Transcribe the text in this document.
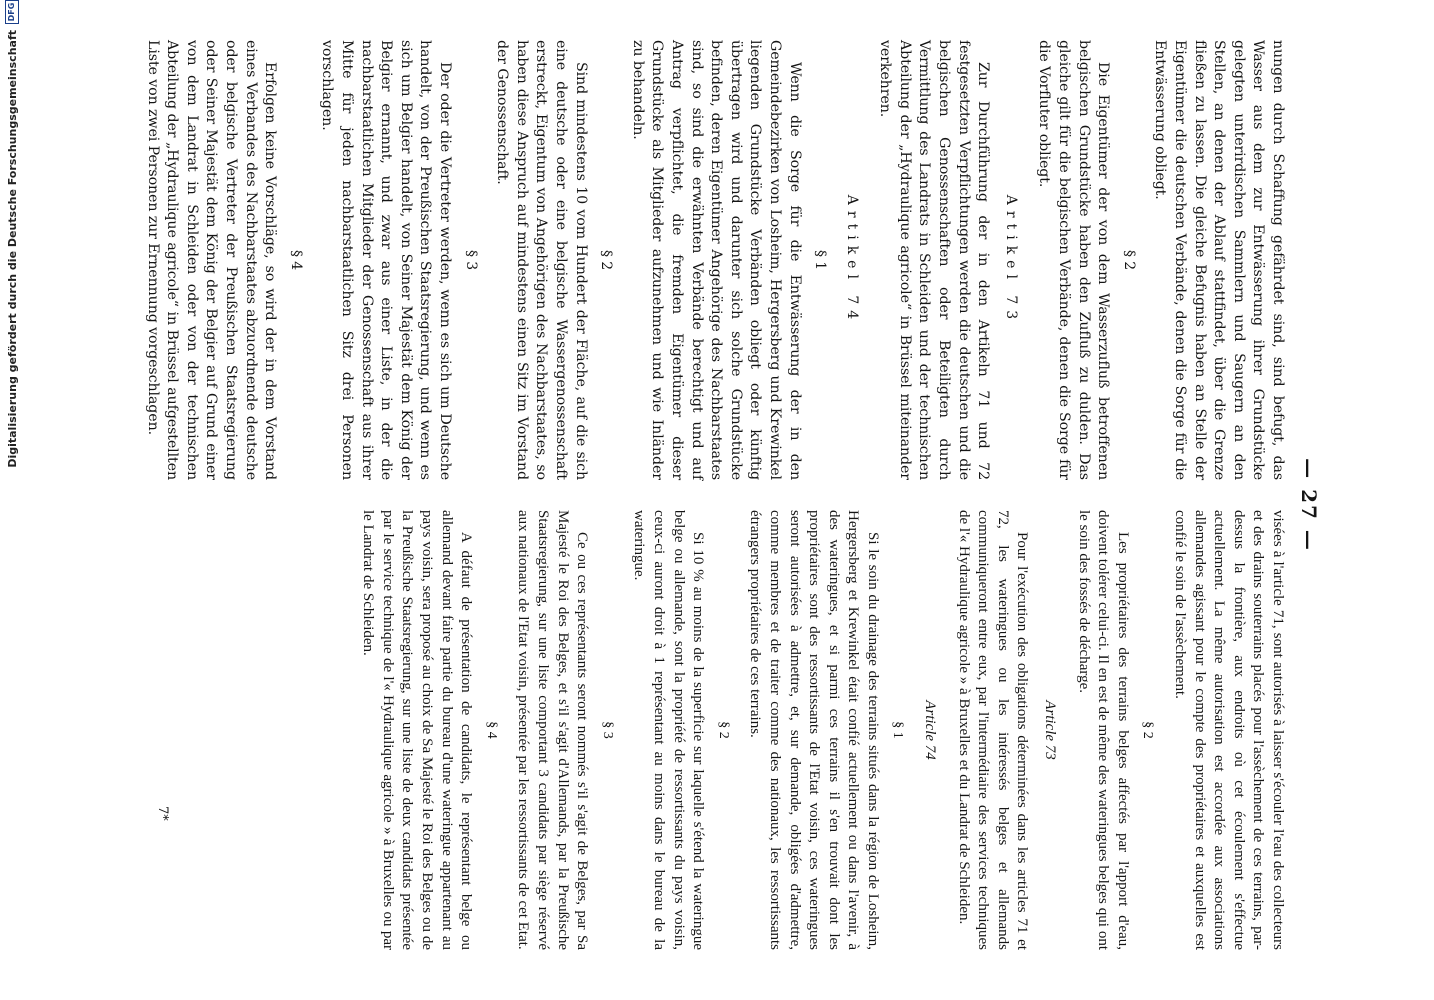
— 27 —

nungen durch Schaffung gefährdet sind, sind befugt, das Wasser aus dem zur Entwässerung ihrer Grundstücke gelegten unterirdischen Sammlern und Saugern an den Stellen, an denen der Ablauf stattfindet, über die Grenze fließen zu lassen. Die gleiche Befugnis haben an Stelle der Eigentümer die deutschen Verbände, denen die Sorge für die Entwässerung obliegt.

§ 2

Die Eigentümer der von dem Wasserzufluß betroffenen belgischen Grundstücke haben den Zufluß zu dulden. Das gleiche gilt für die belgischen Verbände, denen die Sorge für die Vorfluter obliegt.

Artikel 73

Zur Durchführung der in den Artikeln 71 und 72 festgesetzten Verpflichtungen werden die deutschen und die belgischen Genossenschaften oder Beteiligten durch Vermittlung des Landrats in Schleiden und der technischen Abteilung der „Hydraulique agricole“ in Brüssel miteinander verkehren.

Artikel 74
§ 1

Wenn die Sorge für die Entwässerung der in den Gemeindebezirken von Losheim, Hergersberg und Krewinkel liegenden Grundstücke Verbänden obliegt oder künftig übertragen wird und darunter sich solche Grundstücke befinden, deren Eigentümer Angehörige des Nachbarstaates sind, so sind die erwähnten Verbände berechtigt und auf Antrag verpflichtet, die fremden Eigentümer dieser Grundstücke als Mitglieder aufzunehmen und wie Inländer zu behandeln.

§ 2

Sind mindestens 10 vom Hundert der Fläche, auf die sich eine deutsche oder eine belgische Wassergenossenschaft erstreckt, Eigentum von Angehörigen des Nachbarstaates, so haben diese Anspruch auf mindestens einen Sitz im Vorstand der Genossenschaft.

§ 3

Der oder die Vertreter werden, wenn es sich um Deutsche handelt, von der Preußischen Staatsregierung, und wenn es sich um Belgier handelt, von Seiner Majestät dem König der Belgier ernannt, und zwar aus einer Liste, in der die nachbarstaatlichen Mitglieder der Genossenschaft aus ihrer Mitte für jeden nachbarstaatlichen Sitz drei Personen vorschlagen.

§ 4

Erfolgen keine Vorschläge, so wird der in dem Vorstand eines Verbandes des Nachbarstaates abzuordnende deutsche oder belgische Vertreter der Preußischen Staatsregierung oder Seiner Majestät dem König der Belgier auf Grund einer von dem Landrat in Schleiden oder von der technischen Abteilung der „Hydraulique agricole“ in Brüssel aufgestellten Liste von zwei Personen zur Ernennung vorgeschlagen.

visées à l'article 71, sont autorisés à laisser s'écouler l'eau des collecteurs et des drains souterrains placés pour l'assèchement de ces terrains, par-dessus la frontière, aux endroits où cet écoulement s'effectue actuellement. La même autorisation est accordée aux associations allemandes agissant pour le compte des propriétaires et auxquelles est confié le soin de l'assèchement.

§ 2

Les propriétaires des terrains belges affectés par l'apport d'eau, doivent tolérer celui-ci. Il en est de même des wateringues belges qui ont le soin des fossés de décharge.

Article 73

Pour l'exécution des obligations déterminées dans les articles 71 et 72, les wateringues ou les intéressés belges et allemands communiqueront entre eux, par l'intermédiaire des services techniques de l'« Hydraulique agricole » à Bruxelles et du Landrat de Schleiden.

Article 74
§ 1

Si le soin du drainage des terrains situés dans la région de Losheim, Hergersberg et Krewinkel était confié actuellement ou dans l'avenir, à des wateringues, et si parmi ces terrains il s'en trouvait dont les propriétaires sont des ressortissants de l'Etat voisin, ces wateringues seront autorisées à admettre, et, sur demande, obligées d'admettre, comme membres et de traiter comme des nationaux, les ressortissants étrangers propriétaires de ces terrains.

§ 2

Si 10 % au moins de la superficie sur laquelle s'étend la wateringue belge ou allemande, sont la propriété de ressortissants du pays voisin, ceux-ci auront droit à 1 représentant au moins dans le bureau de la wateringue.

§ 3

Ce ou ces représentants seront nommés s'il s'agit de Belges, par Sa Majesté le Roi des Belges, et s'il s'agit d'Allemands, par la Preußische Staatsregierung, sur une liste comportant 3 candidats par siège réservé aux nationaux de l'Etat voisin, présentée par les ressortissants de cet Etat.

§ 4

A défaut de présentation de candidats, le représentant belge ou allemand devant faire partie du bureau d'une wateringue appartenant au pays voisin, sera proposé au choix de Sa Majesté le Roi des Belges ou de la Preußische Staatsregierung, sur une liste de deux candidats présentée par le service technique de l'« Hydraulique agricole » à Bruxelles ou par le Landrat de Schleiden.

7*
Digitalisierung gefördert durch die Deutsche Forschungsgemeinschaft
DFG
